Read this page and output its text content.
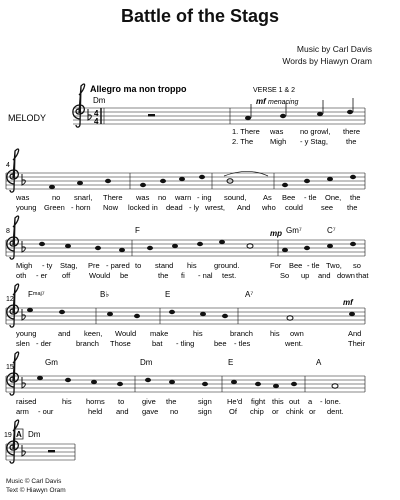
Battle of the Stags
Music by Carl Davis
Words by Hiawyn Oram
Allegro ma non troppo
Dm
VERSE 1 & 2
mf menacing
MELODY	4
4
1. There was no growl, there
2. The Migh - y Stag, the
4
was	no snarl, There was no warn - ing sound, As Bee - tle One, the
young Green - horn Now locked in dead - ly wrest, And who could see the
8	F	mp Gm⁷	C⁷
Migh - ty Stag, Pre - pared to stand his ground.	For Bee - tle Two, so
oth - er off	Would be	the fi - nal test.	So up and down that
12
Fᵐᵃʲ⁷	B♭	E	A⁷
mf
young	and keen, Would make	his	branch his own	And
slen - der	branch Those	bat - tling	bee - tles	went.	Their
15
Gm	Dm	E	A
raised	his horns to give the	sign He'd fight this out a - lone.
arm - our	held and gave no	sign Of chip or chink or dent.
19 A Dm
Music © Carl Davis
Text © Hiawyn Oram
